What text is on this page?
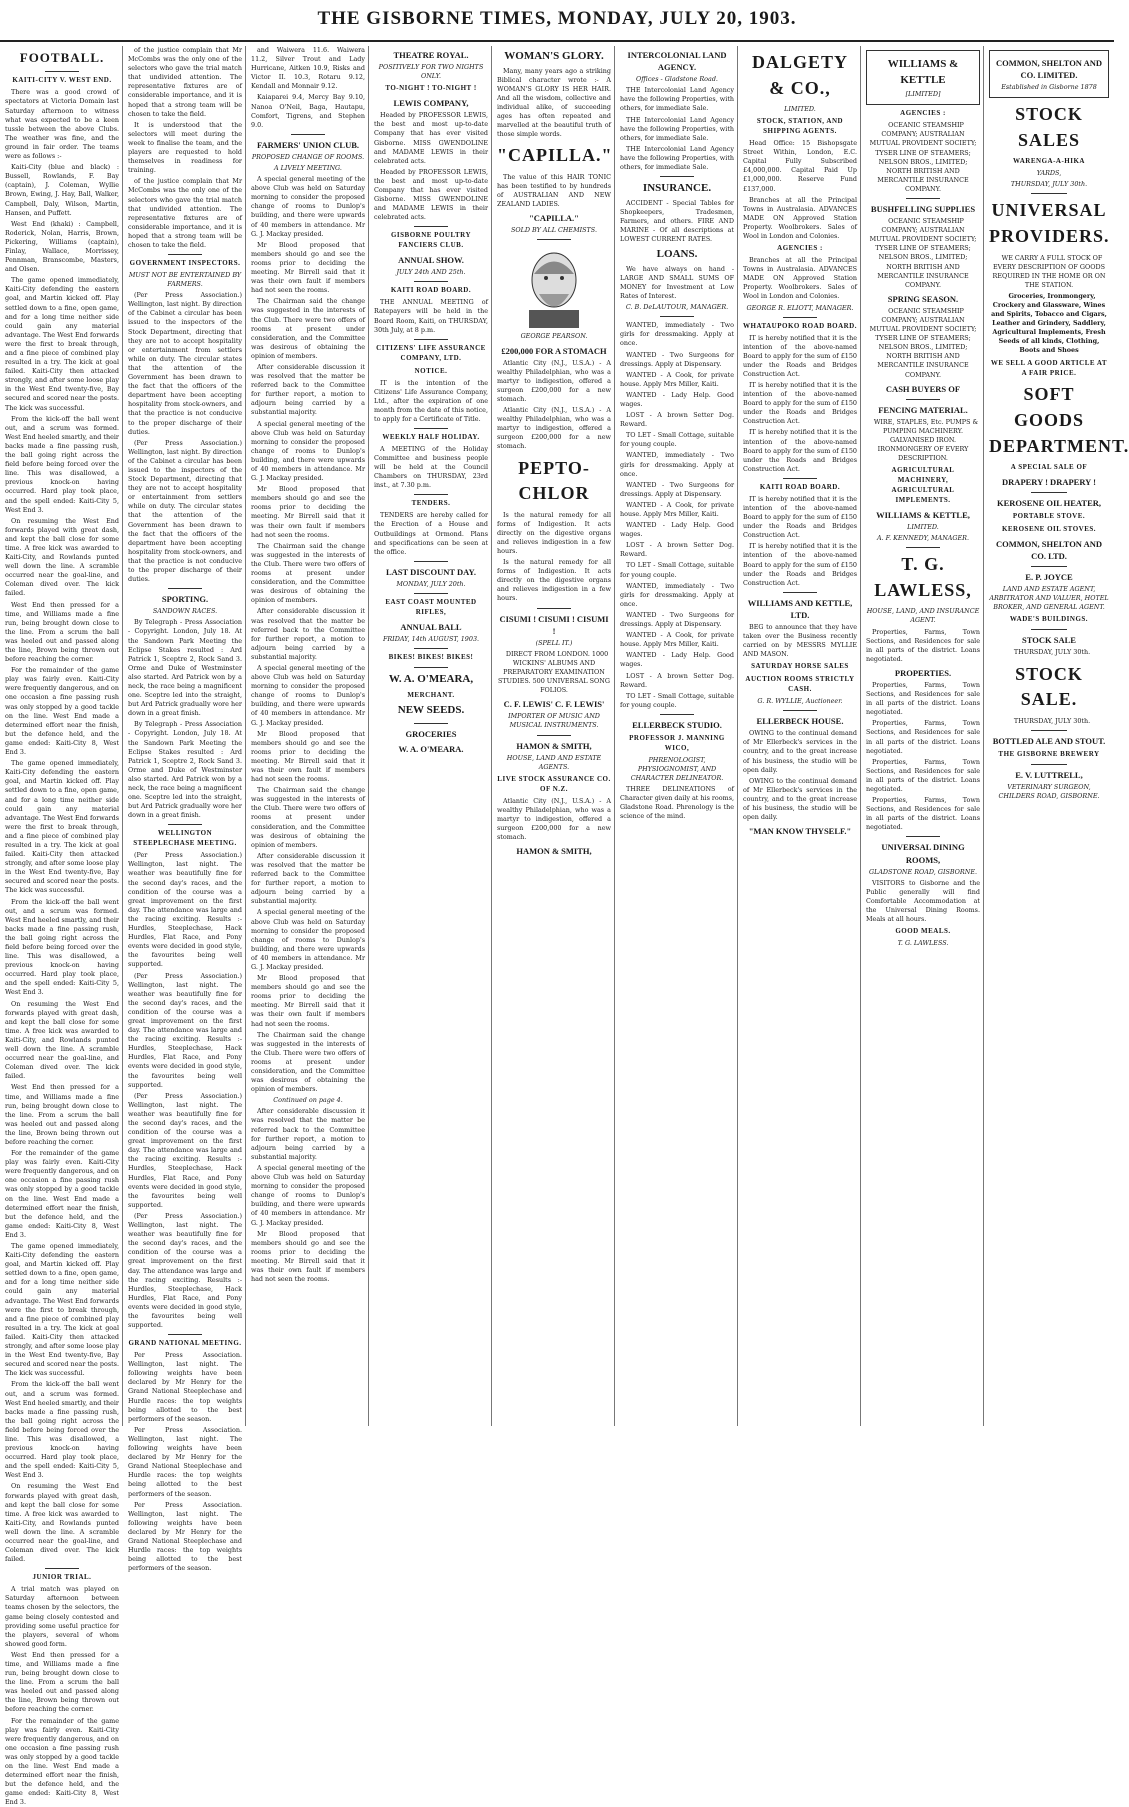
THE GISBORNE TIMES, MONDAY, JULY 20, 1903.
FOOTBALL.
KAITI-CITY V. WEST END.

There was a good crowd of spectators at Victoria Domain last Saturday afternoon to witness what was expected to be a keen tussle between the above Clubs. The weather was fine, and the ground in fair order. The teams were as follows :-

Kaiti-City (blue and black) : Bussell, Rowlands, F. Bay (captain), J. Coleman, Wyllie Brown, Ewing, J. Hay, Ball, Walker, Campbell, Daly, Wilson, Martin, Hansen, and Puffett.

West End (khaki) : Campbell, Roderick, Nolan, Harris, Brown, Pickering, Williams (captain), Finlay, Wallace, Morrissey, Pennman, Branscombe, Masters, and Olsen.

The game opened immediately, Kaiti-City defending the eastern goal, and Martin kicked off. Play settled down to a fine, open game, and for a long time neither side could gain any material advantage. The West End forwards were the first to break through, and a fine piece of combined play resulted in a try. The kick at goal failed. Kaiti-City then attacked strongly, and after some loose play in the West End twenty-five, Bay secured and scored near the posts. The kick was successful.

From the kick-off the ball went out, and a scrum was formed. West End heeled smartly, and their backs made a fine passing rush, the ball going right across the field before being forced over the line. This was disallowed, a previous knock-on having occurred. Hard play took place, and the spell ended: Kaiti-City 5, West End 3.

On resuming the West End forwards played with great dash, and kept the ball close for some time. A free kick was awarded to Kaiti-City, and Rowlands punted well down the line. A scramble occurred near the goal-line, and Coleman dived over. The kick failed.

West End then pressed for a time, and Williams made a fine run, being brought down close to the line. From a scrum the ball was heeled out and passed along the line, Brown being thrown out before reaching the corner.

For the remainder of the game play was fairly even. Kaiti-City were frequently dangerous, and on one occasion a fine passing rush was only stopped by a good tackle on the line. West End made a determined effort near the finish, but the defence held, and the game ended: Kaiti-City 8, West End 3.

The game opened immediately, Kaiti-City defending the eastern goal, and Martin kicked off. Play settled down to a fine, open game, and for a long time neither side could gain any material advantage. The West End forwards were the first to break through, and a fine piece of combined play resulted in a try. The kick at goal failed. Kaiti-City then attacked strongly, and after some loose play in the West End twenty-five, Bay secured and scored near the posts. The kick was successful.

From the kick-off the ball went out, and a scrum was formed. West End heeled smartly, and their backs made a fine passing rush, the ball going right across the field before being forced over the line. This was disallowed, a previous knock-on having occurred. Hard play took place, and the spell ended: Kaiti-City 5, West End 3.

On resuming the West End forwards played with great dash, and kept the ball close for some time. A free kick was awarded to Kaiti-City, and Rowlands punted well down the line. A scramble occurred near the goal-line, and Coleman dived over. The kick failed.

West End then pressed for a time, and Williams made a fine run, being brought down close to the line. From a scrum the ball was heeled out and passed along the line, Brown being thrown out before reaching the corner.

For the remainder of the game play was fairly even. Kaiti-City were frequently dangerous, and on one occasion a fine passing rush was only stopped by a good tackle on the line. West End made a determined effort near the finish, but the defence held, and the game ended: Kaiti-City 8, West End 3.

The game opened immediately, Kaiti-City defending the eastern goal, and Martin kicked off. Play settled down to a fine, open game, and for a long time neither side could gain any material advantage. The West End forwards were the first to break through, and a fine piece of combined play resulted in a try. The kick at goal failed. Kaiti-City then attacked strongly, and after some loose play in the West End twenty-five, Bay secured and scored near the posts. The kick was successful.

From the kick-off the ball went out, and a scrum was formed. West End heeled smartly, and their backs made a fine passing rush, the ball going right across the field before being forced over the line. This was disallowed, a previous knock-on having occurred. Hard play took place, and the spell ended: Kaiti-City 5, West End 3.

On resuming the West End forwards played with great dash, and kept the ball close for some time. A free kick was awarded to Kaiti-City, and Rowlands punted well down the line. A scramble occurred near the goal-line, and Coleman dived over. The kick failed.

JUNIOR TRIAL.

A trial match was played on Saturday afternoon between teams chosen by the selectors, the game being closely contested and providing some useful practice for the players, several of whom showed good form.

West End then pressed for a time, and Williams made a fine run, being brought down close to the line. From a scrum the ball was heeled out and passed along the line, Brown being thrown out before reaching the corner.

For the remainder of the game play was fairly even. Kaiti-City were frequently dangerous, and on one occasion a fine passing rush was only stopped by a good tackle on the line. West End made a determined effort near the finish, but the defence held, and the game ended: Kaiti-City 8, West End 3.

of the justice complain that Mr McCombs was the only one of the selectors who gave the trial match that undivided attention. The representative fixtures are of considerable importance, and it is hoped that a strong team will be chosen to take the field.

It is understood that the selectors will meet during the week to finalise the team, and the players are requested to hold themselves in readiness for training.

of the justice complain that Mr McCombs was the only one of the selectors who gave the trial match that undivided attention. The representative fixtures are of considerable importance, and it is hoped that a strong team will be chosen to take the field.

GOVERNMENT INSPECTORS.
MUST NOT BE ENTERTAINED BY FARMERS.

(Per Press Association.) Wellington, last night. By direction of the Cabinet a circular has been issued to the inspectors of the Stock Department, directing that they are not to accept hospitality or entertainment from settlers while on duty. The circular states that the attention of the Government has been drawn to the fact that the officers of the department have been accepting hospitality from stock-owners, and that the practice is not conducive to the proper discharge of their duties.

(Per Press Association.) Wellington, last night. By direction of the Cabinet a circular has been issued to the inspectors of the Stock Department, directing that they are not to accept hospitality or entertainment from settlers while on duty. The circular states that the attention of the Government has been drawn to the fact that the officers of the department have been accepting hospitality from stock-owners, and that the practice is not conducive to the proper discharge of their duties.

SPORTING.
SANDOWN RACES.

By Telegraph - Press Association - Copyright. London, July 18. At the Sandown Park Meeting the Eclipse Stakes resulted : Ard Patrick 1, Sceptre 2, Rock Sand 3. Orme and Duke of Westminster also started. Ard Patrick won by a neck, the race being a magnificent one. Sceptre led into the straight, but Ard Patrick gradually wore her down in a great finish.

By Telegraph - Press Association - Copyright. London, July 18. At the Sandown Park Meeting the Eclipse Stakes resulted : Ard Patrick 1, Sceptre 2, Rock Sand 3. Orme and Duke of Westminster also started. Ard Patrick won by a neck, the race being a magnificent one. Sceptre led into the straight, but Ard Patrick gradually wore her down in a great finish.

WELLINGTON STEEPLECHASE MEETING.

(Per Press Association.) Wellington, last night. The weather was beautifully fine for the second day's races, and the condition of the course was a great improvement on the first day. The attendance was large and the racing exciting. Results :- Hurdles, Steeplechase, Hack Hurdles, Flat Race, and Pony events were decided in good style, the favourites being well supported.

(Per Press Association.) Wellington, last night. The weather was beautifully fine for the second day's races, and the condition of the course was a great improvement on the first day. The attendance was large and the racing exciting. Results :- Hurdles, Steeplechase, Hack Hurdles, Flat Race, and Pony events were decided in good style, the favourites being well supported.

(Per Press Association.) Wellington, last night. The weather was beautifully fine for the second day's races, and the condition of the course was a great improvement on the first day. The attendance was large and the racing exciting. Results :- Hurdles, Steeplechase, Hack Hurdles, Flat Race, and Pony events were decided in good style, the favourites being well supported.

(Per Press Association.) Wellington, last night. The weather was beautifully fine for the second day's races, and the condition of the course was a great improvement on the first day. The attendance was large and the racing exciting. Results :- Hurdles, Steeplechase, Hack Hurdles, Flat Race, and Pony events were decided in good style, the favourites being well supported.

GRAND NATIONAL MEETING.

Per Press Association. Wellington, last night. The following weights have been declared by Mr Henry for the Grand National Steeplechase and Hurdle races: the top weights being allotted to the best performers of the season.

Per Press Association. Wellington, last night. The following weights have been declared by Mr Henry for the Grand National Steeplechase and Hurdle races: the top weights being allotted to the best performers of the season.

Per Press Association. Wellington, last night. The following weights have been declared by Mr Henry for the Grand National Steeplechase and Hurdle races: the top weights being allotted to the best performers of the season.

and Waiwera 11.6. Waiwera 11.2, Silver Trout and Lady Hurricane, Aitken 10.9, Risks and Victor II. 10.3, Rotaru 9.12, Kendall and Monnair 9.12.

Kaiaparei 9.4, Mercy Bay 9.10, Nanoa O'Neil, Baga, Hautapu, Comfort, Tigrens, and Stephen 9.0.

FARMERS' UNION CLUB.
PROPOSED CHANGE OF ROOMS.
A LIVELY MEETING.

A special general meeting of the above Club was held on Saturday morning to consider the proposed change of rooms to Dunlop's building, and there were upwards of 40 members in attendance. Mr G. J. Mackay presided.

Mr Blood proposed that members should go and see the rooms prior to deciding the meeting. Mr Birrell said that it was their own fault if members had not seen the rooms.

The Chairman said the change was suggested in the interests of the Club. There were two offers of rooms at present under consideration, and the Committee was desirous of obtaining the opinion of members.

After considerable discussion it was resolved that the matter be referred back to the Committee for further report, a motion to adjourn being carried by a substantial majority.

A special general meeting of the above Club was held on Saturday morning to consider the proposed change of rooms to Dunlop's building, and there were upwards of 40 members in attendance. Mr G. J. Mackay presided.

Mr Blood proposed that members should go and see the rooms prior to deciding the meeting. Mr Birrell said that it was their own fault if members had not seen the rooms.

The Chairman said the change was suggested in the interests of the Club. There were two offers of rooms at present under consideration, and the Committee was desirous of obtaining the opinion of members.

After considerable discussion it was resolved that the matter be referred back to the Committee for further report, a motion to adjourn being carried by a substantial majority.

A special general meeting of the above Club was held on Saturday morning to consider the proposed change of rooms to Dunlop's building, and there were upwards of 40 members in attendance. Mr G. J. Mackay presided.

Mr Blood proposed that members should go and see the rooms prior to deciding the meeting. Mr Birrell said that it was their own fault if members had not seen the rooms.

The Chairman said the change was suggested in the interests of the Club. There were two offers of rooms at present under consideration, and the Committee was desirous of obtaining the opinion of members.

After considerable discussion it was resolved that the matter be referred back to the Committee for further report, a motion to adjourn being carried by a substantial majority.

A special general meeting of the above Club was held on Saturday morning to consider the proposed change of rooms to Dunlop's building, and there were upwards of 40 members in attendance. Mr G. J. Mackay presided.

Mr Blood proposed that members should go and see the rooms prior to deciding the meeting. Mr Birrell said that it was their own fault if members had not seen the rooms.

The Chairman said the change was suggested in the interests of the Club. There were two offers of rooms at present under consideration, and the Committee was desirous of obtaining the opinion of members.

Continued on page 4.

After considerable discussion it was resolved that the matter be referred back to the Committee for further report, a motion to adjourn being carried by a substantial majority.

A special general meeting of the above Club was held on Saturday morning to consider the proposed change of rooms to Dunlop's building, and there were upwards of 40 members in attendance. Mr G. J. Mackay presided.

Mr Blood proposed that members should go and see the rooms prior to deciding the meeting. Mr Birrell said that it was their own fault if members had not seen the rooms.

THEATRE ROYAL.
POSITIVELY FOR TWO NIGHTS ONLY.
TO-NIGHT ! TO-NIGHT !
LEWIS COMPANY,

Headed by PROFESSOR LEWIS, the best and most up-to-date Company that has ever visited Gisborne. MISS GWENDOLINE and MADAME LEWIS in their celebrated acts.

Headed by PROFESSOR LEWIS, the best and most up-to-date Company that has ever visited Gisborne. MISS GWENDOLINE and MADAME LEWIS in their celebrated acts.

GISBORNE POULTRY FANCIERS CLUB.
ANNUAL SHOW.
JULY 24th AND 25th.
KAITI ROAD BOARD.

THE ANNUAL MEETING of Ratepayers will be held in the Board Room, Kaiti, on THURSDAY, 30th July, at 8 p.m.

CITIZENS' LIFE ASSURANCE COMPANY, LTD.
NOTICE.

IT is the intention of the Citizens' Life Assurance Company, Ltd., after the expiration of one month from the date of this notice, to apply for a Certificate of Title.

WEEKLY HALF HOLIDAY.

A MEETING of the Holiday Committee and business people will be held at the Council Chambers on THURSDAY, 23rd inst., at 7.30 p.m.

TENDERS.

TENDERS are hereby called for the Erection of a House and Outbuildings at Ormond. Plans and specifications can be seen at the office.

LAST DISCOUNT DAY.
MONDAY, JULY 20th.
EAST COAST MOUNTED RIFLES,
ANNUAL BALL
FRIDAY, 14th AUGUST, 1903.
BIKES! BIKES! BIKES!
W. A. O'MEARA,
MERCHANT.
NEW SEEDS.
GROCERIES
W. A. O'MEARA.
WOMAN'S GLORY.

Many, many years ago a striking Biblical character wrote :- A WOMAN'S GLORY IS HER HAIR. And all the wisdom, collective and individual alike, of succeeding ages has often repeated and marvelled at the beautiful truth of those simple words.

"CAPILLA."

The value of this HAIR TONIC has been testified to by hundreds of AUSTRALIAN AND NEW ZEALAND LADIES.

"CAPILLA."
SOLD BY ALL CHEMISTS.
GEORGE PEARSON.
£200,000 FOR A STOMACH

Atlantic City (N.J., U.S.A.) - A wealthy Philadelphian, who was a martyr to indigestion, offered a surgeon £200,000 for a new stomach.

Atlantic City (N.J., U.S.A.) - A wealthy Philadelphian, who was a martyr to indigestion, offered a surgeon £200,000 for a new stomach.

PEPTO-CHLOR

Is the natural remedy for all forms of Indigestion. It acts directly on the digestive organs and relieves indigestion in a few hours.

Is the natural remedy for all forms of Indigestion. It acts directly on the digestive organs and relieves indigestion in a few hours.

CISUMI ! CISUMI ! CISUMI !
(SPELL IT.)

DIRECT FROM LONDON. 1000 WICKINS' ALBUMS AND PREPARATORY EXAMINATION STUDIES. 500 UNIVERSAL SONG FOLIOS.

C. F. LEWIS' C. F. LEWIS'
IMPORTER OF MUSIC AND MUSICAL INSTRUMENTS.
HAMON & SMITH,
HOUSE, LAND AND ESTATE AGENTS.
LIVE STOCK ASSURANCE CO. OF N.Z.

Atlantic City (N.J., U.S.A.) - A wealthy Philadelphian, who was a martyr to indigestion, offered a surgeon £200,000 for a new stomach.

HAMON & SMITH,
INTERCOLONIAL LAND AGENCY.
Offices - Gladstone Road.

THE Intercolonial Land Agency have the following Properties, with others, for immediate Sale.

THE Intercolonial Land Agency have the following Properties, with others, for immediate Sale.

THE Intercolonial Land Agency have the following Properties, with others, for immediate Sale.

INSURANCE.

ACCIDENT - Special Tables for Shopkeepers, Tradesmen, Farmers, and others. FIRE AND MARINE - Of all descriptions at LOWEST CURRENT RATES.

LOANS.

We have always on hand - LARGE AND SMALL SUMS OF MONEY for Investment at Low Rates of Interest.

C. B. DeLAUTOUR, MANAGER.

WANTED, immediately - Two girls for dressmaking. Apply at once.

WANTED - Two Surgeons for dressings. Apply at Dispensary.

WANTED - A Cook, for private house. Apply Mrs Miller, Kaiti.

WANTED - Lady Help. Good wages.

LOST - A brown Setter Dog. Reward.

TO LET - Small Cottage, suitable for young couple.

WANTED, immediately - Two girls for dressmaking. Apply at once.

WANTED - Two Surgeons for dressings. Apply at Dispensary.

WANTED - A Cook, for private house. Apply Mrs Miller, Kaiti.

WANTED - Lady Help. Good wages.

LOST - A brown Setter Dog. Reward.

TO LET - Small Cottage, suitable for young couple.

WANTED, immediately - Two girls for dressmaking. Apply at once.

WANTED - Two Surgeons for dressings. Apply at Dispensary.

WANTED - A Cook, for private house. Apply Mrs Miller, Kaiti.

WANTED - Lady Help. Good wages.

LOST - A brown Setter Dog. Reward.

TO LET - Small Cottage, suitable for young couple.

ELLERBECK STUDIO.
PROFESSOR J. MANNING WICO,
PHRENOLOGIST, PHYSIOGNOMIST, AND CHARACTER DELINEATOR.

THREE DELINEATIONS of Character given daily at his rooms, Gladstone Road. Phrenology is the science of the mind.

DALGETY & CO.,
LIMITED.
STOCK, STATION, AND SHIPPING AGENTS.

Head Office: 15 Bishopsgate Street Within, London, E.C. Capital Fully Subscribed £4,000,000. Capital Paid Up £1,000,000. Reserve Fund £137,000.

Branches at all the Principal Towns in Australasia. ADVANCES MADE ON Approved Station Property. Woolbrokers. Sales of Wool in London and Colonies.

AGENCIES :

Branches at all the Principal Towns in Australasia. ADVANCES MADE ON Approved Station Property. Woolbrokers. Sales of Wool in London and Colonies.

GEORGE R. ELIOTT, MANAGER.
WHATAUPOKO ROAD BOARD.

IT is hereby notified that it is the intention of the above-named Board to apply for the sum of £150 under the Roads and Bridges Construction Act.

IT is hereby notified that it is the intention of the above-named Board to apply for the sum of £150 under the Roads and Bridges Construction Act.

IT is hereby notified that it is the intention of the above-named Board to apply for the sum of £150 under the Roads and Bridges Construction Act.

KAITI ROAD BOARD.

IT is hereby notified that it is the intention of the above-named Board to apply for the sum of £150 under the Roads and Bridges Construction Act.

IT is hereby notified that it is the intention of the above-named Board to apply for the sum of £150 under the Roads and Bridges Construction Act.

WILLIAMS AND KETTLE, LTD.

BEG to announce that they have taken over the Business recently carried on by MESSRS MYLLIE AND MASON.

SATURDAY HORSE SALES
AUCTION ROOMS STRICTLY CASH.
G. R. WYLLIE, Auctioneer.
ELLERBECK HOUSE.

OWING to the continual demand of Mr Ellerbeck's services in the country, and to the great increase of his business, the studio will be open daily.

OWING to the continual demand of Mr Ellerbeck's services in the country, and to the great increase of his business, the studio will be open daily.

"MAN KNOW THYSELF."
WILLIAMS & KETTLE
[LIMITED]
AGENCIES :

OCEANIC STEAMSHIP COMPANY; AUSTRALIAN MUTUAL PROVIDENT SOCIETY; TYSER LINE OF STEAMERS; NELSON BROS., LIMITED; NORTH BRITISH AND MERCANTILE INSURANCE COMPANY.

BUSHFELLING SUPPLIES

OCEANIC STEAMSHIP COMPANY; AUSTRALIAN MUTUAL PROVIDENT SOCIETY; TYSER LINE OF STEAMERS; NELSON BROS., LIMITED; NORTH BRITISH AND MERCANTILE INSURANCE COMPANY.

SPRING SEASON.

OCEANIC STEAMSHIP COMPANY; AUSTRALIAN MUTUAL PROVIDENT SOCIETY; TYSER LINE OF STEAMERS; NELSON BROS., LIMITED; NORTH BRITISH AND MERCANTILE INSURANCE COMPANY.

CASH BUYERS OF
FENCING MATERIAL.

WIRE, STAPLES, Etc. PUMPS & PUMPING MACHINERY. GALVANISED IRON. IRONMONGERY OF EVERY DESCRIPTION.

AGRICULTURAL MACHINERY, AGRICULTURAL IMPLEMENTS.
WILLIAMS & KETTLE,
LIMITED.
A. F. KENNEDY, MANAGER.
T. G. LAWLESS,
HOUSE, LAND, AND INSURANCE AGENT.

Properties, Farms, Town Sections, and Residences for sale in all parts of the district. Loans negotiated.

PROPERTIES.

Properties, Farms, Town Sections, and Residences for sale in all parts of the district. Loans negotiated.

Properties, Farms, Town Sections, and Residences for sale in all parts of the district. Loans negotiated.

Properties, Farms, Town Sections, and Residences for sale in all parts of the district. Loans negotiated.

Properties, Farms, Town Sections, and Residences for sale in all parts of the district. Loans negotiated.

UNIVERSAL DINING ROOMS,
GLADSTONE ROAD, GISBORNE.

VISITORS to Gisborne and the Public generally will find Comfortable Accommodation at the Universal Dining Rooms. Meals at all hours.

GOOD MEALS.
T. G. LAWLESS.
COMMON, SHELTON AND CO. LIMITED.
Established in Gisborne 1878
STOCK SALES
WARENGA-A-HIKA
YARDS,
THURSDAY, JULY 30th.
UNIVERSAL PROVIDERS.

WE CARRY A FULL STOCK OF EVERY DESCRIPTION OF GOODS REQUIRED IN THE HOME OR ON THE STATION.

Groceries, Ironmongery, Crockery and Glassware, Wines and Spirits, Tobacco and Cigars, Leather and Grindery, Saddlery, Agricultural Implements, Fresh Seeds of all kinds, Clothing, Boots and Shoes

WE SELL A GOOD ARTICLE AT A FAIR PRICE.
SOFT GOODS DEPARTMENT.
A SPECIAL SALE OF
DRAPERY ! DRAPERY !
KEROSENE OIL HEATER,
PORTABLE STOVE.
KEROSENE OIL STOVES.
COMMON, SHELTON AND CO. LTD.
E. P. JOYCE
LAND AND ESTATE AGENT, ARBITRATOR AND VALUER, HOTEL BROKER, AND GENERAL AGENT.
WADE'S BUILDINGS.
STOCK SALE

THURSDAY, JULY 30th.

STOCK SALE.

THURSDAY, JULY 30th.

BOTTLED ALE AND STOUT.
THE GISBORNE BREWERY
E. V. LUTTRELL,
VETERINARY SURGEON, CHILDERS ROAD, GISBORNE.
